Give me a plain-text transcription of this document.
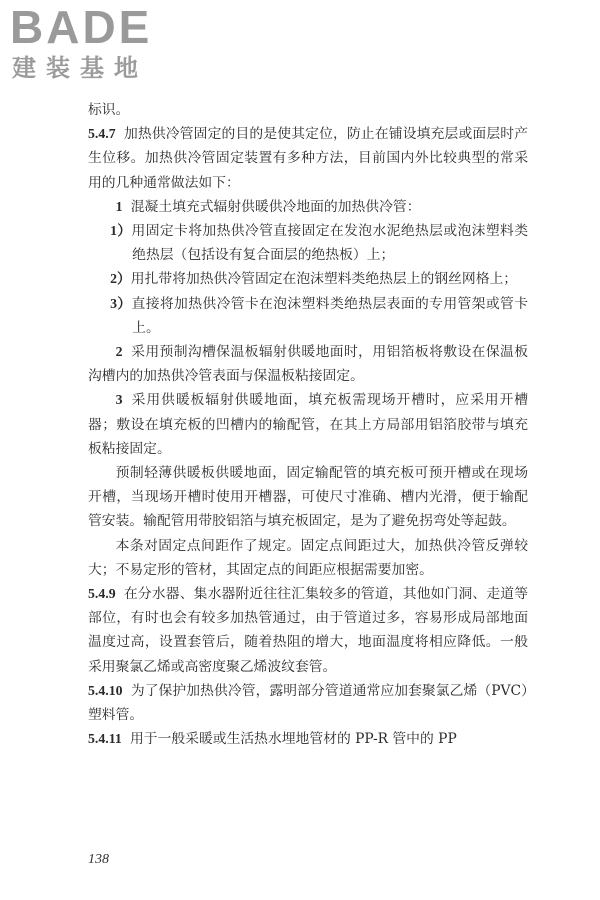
BADE
建装基地

标识。

5.4.7 加热供冷管固定的目的是使其定位，防止在铺设填充层或面层时产生位移。加热供冷管固定装置有多种方法，目前国内外比较典型的常采用的几种通常做法如下：

1 混凝土填充式辐射供暖供冷地面的加热供冷管：

1）用固定卡将加热供冷管直接固定在发泡水泥绝热层或泡沫塑料类绝热层（包括设有复合面层的绝热板）上；

2）用扎带将加热供冷管固定在泡沫塑料类绝热层上的钢丝网格上；

3）直接将加热供冷管卡在泡沫塑料类绝热层表面的专用管架或管卡上。

2 采用预制沟槽保温板辐射供暖地面时，用铝箔板将敷设在保温板沟槽内的加热供冷管表面与保温板粘接固定。

3 采用供暖板辐射供暖地面，填充板需现场开槽时，应采用开槽器；敷设在填充板的凹槽内的输配管，在其上方局部用铝箔胶带与填充板粘接固定。

预制轻薄供暖板供暖地面，固定输配管的填充板可预开槽或在现场开槽，当现场开槽时使用开槽器，可使尺寸准确、槽内光滑，便于输配管安装。输配管用带胶铝箔与填充板固定，是为了避免拐弯处等起鼓。

本条对固定点间距作了规定。固定点间距过大，加热供冷管反弹较大；不易定形的管材，其固定点的间距应根据需要加密。

5.4.9 在分水器、集水器附近往往汇集较多的管道，其他如门洞、走道等部位，有时也会有较多加热管通过，由于管道过多，容易形成局部地面温度过高，设置套管后，随着热阻的增大，地面温度将相应降低。一般采用聚氯乙烯或高密度聚乙烯波纹套管。

5.4.10 为了保护加热供冷管，露明部分管道通常应加套聚氯乙烯（PVC）塑料管。

5.4.11 用于一般采暖或生活热水埋地管材的 PP-R 管中的 PP

138
